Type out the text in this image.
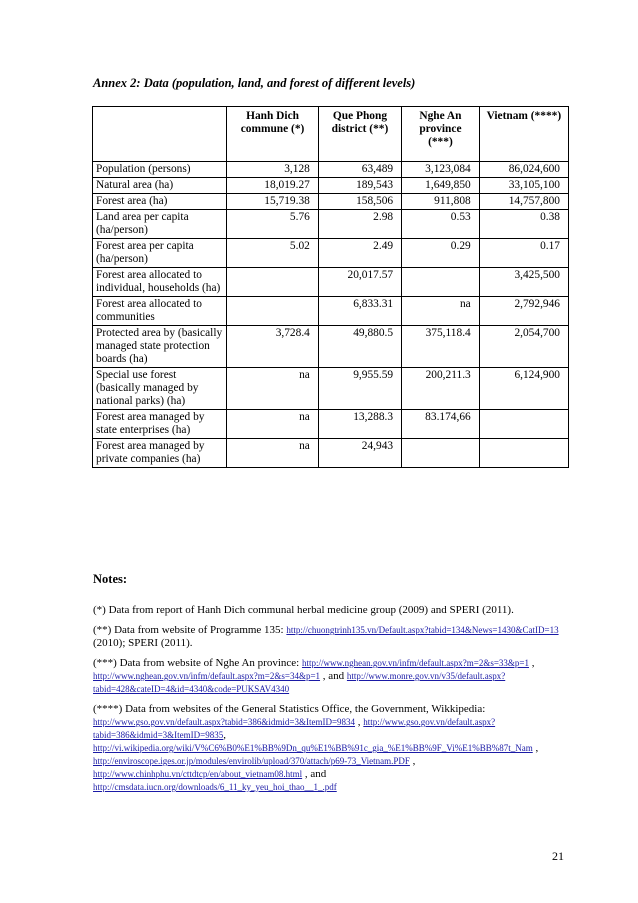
Annex 2: Data (population, land, and forest of different levels)
	Hanh Dich commune (*)	Que Phong district (**)	Nghe An province (***)	Vietnam (****)
Population (persons)	3,128	63,489	3,123,084	86,024,600
Natural area (ha)	18,019.27	189,543	1,649,850	33,105,100
Forest area (ha)	15,719.38	158,506	911,808	14,757,800
Land area per capita (ha/person)	5.76	2.98	0.53	0.38
Forest area per capita (ha/person)	5.02	2.49	0.29	0.17
Forest area allocated to individual, households (ha)		20,017.57		3,425,500
Forest area allocated to communities		6,833.31	na	2,792,946
Protected area by (basically managed state protection boards (ha)	3,728.4	49,880.5	375,118.4	2,054,700
Special use forest (basically managed by national parks) (ha)	na	9,955.59	200,211.3	6,124,900
Forest area managed by state enterprises (ha)	na	13,288.3	83.174,66	
Forest area managed by private companies (ha)	na	24,943		
Notes:
(*) Data from report of Hanh Dich communal herbal medicine group (2009) and SPERI (2011).
(**) Data from website of Programme 135: http://chuongtrinh135.vn/Default.aspx?tabid=134&News=1430&CatID=13 (2010); SPERI (2011).
(***) Data from website of Nghe An province: http://www.nghean.gov.vn/infm/default.aspx?m=2&s=33&p=1 , http://www.nghean.gov.vn/infm/default.aspx?m=2&s=34&p=1 , and http://www.monre.gov.vn/v35/default.aspx?tabid=428&cateID=4&id=4340&code=PUKSAV4340
(****) Data from websites of the General Statistics Office, the Government, Wikkipedia:
http://www.gso.gov.vn/default.aspx?tabid=386&idmid=3&ItemID=9834 , http://www.gso.gov.vn/default.aspx?tabid=386&idmid=3&ItemID=9835, http://vi.wikipedia.org/wiki/V%C6%B0%E1%BB%9Dn_qu%E1%BB%91c_gia_%E1%BB%9F_Vi%E1%BB%87t_Nam , http://enviroscope.iges.or.jp/modules/envirolib/upload/370/attach/p69-73_Vietnam.PDF , http://www.chinhphu.vn/cttdtcp/en/about_vietnam08.html , and http://cmsdata.iucn.org/downloads/6_11_ky_yeu_hoi_thao__1_.pdf
21
